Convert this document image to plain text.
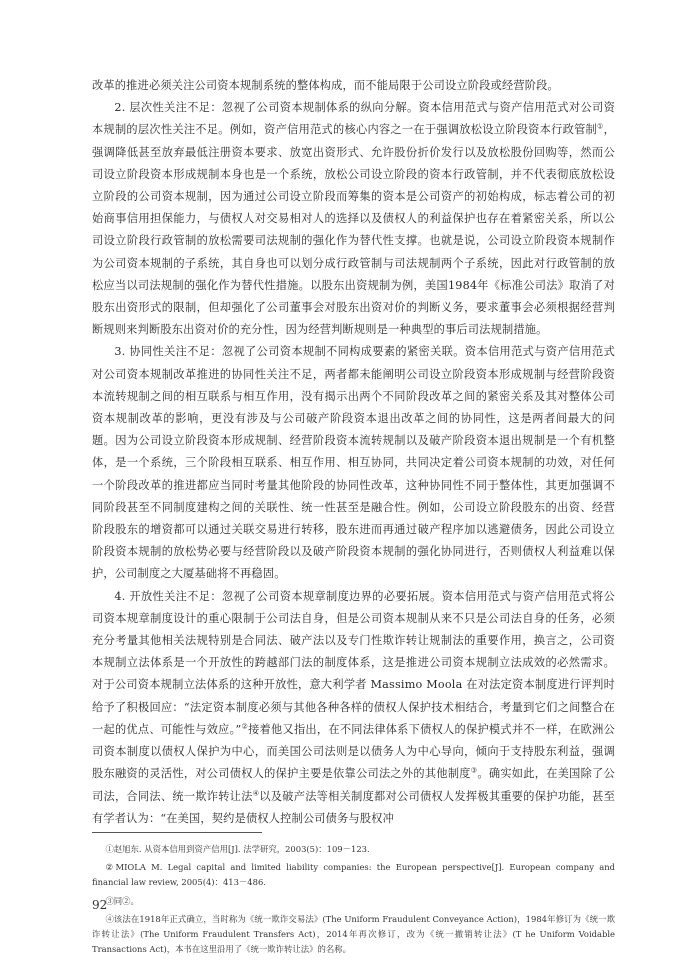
改革的推进必须关注公司资本规制系统的整体构成，而不能局限于公司设立阶段或经营阶段。

2. 层次性关注不足：忽视了公司资本规制体系的纵向分解。资本信用范式与资产信用范式对公司资本规制的层次性关注不足。例如，资产信用范式的核心内容之一在于强调放松设立阶段资本行政管制①，强调降低甚至放弃最低注册资本要求、放宽出资形式、允许股份折价发行以及放松股份回购等，然而公司设立阶段资本形成规制本身也是一个系统，放松公司设立阶段的资本行政管制，并不代表彻底放松设立阶段的公司资本规制，因为通过公司设立阶段而筹集的资本是公司资产的初始构成，标志着公司的初始商事信用担保能力，与债权人对交易相对人的选择以及债权人的利益保护也存在着紧密关系，所以公司设立阶段行政管制的放松需要司法规制的强化作为替代性支撑。也就是说，公司设立阶段资本规制作为公司资本规制的子系统，其自身也可以划分成行政管制与司法规制两个子系统，因此对行政管制的放松应当以司法规制的强化作为替代性措施。以股东出资规制为例，美国1984年《标准公司法》取消了对股东出资形式的限制，但却强化了公司董事会对股东出资对价的判断义务，要求董事会必须根据经营判断规则来判断股东出资对价的充分性，因为经营判断规则是一种典型的事后司法规制措施。

3. 协同性关注不足：忽视了公司资本规制不同构成要素的紧密关联。资本信用范式与资产信用范式对公司资本规制改革推进的协同性关注不足，两者都未能阐明公司设立阶段资本形成规制与经营阶段资本流转规制之间的相互联系与相互作用，没有揭示出两个不同阶段改革之间的紧密关系及其对整体公司资本规制改革的影响，更没有涉及与公司破产阶段资本退出改革之间的协同性，这是两者间最大的问题。因为公司设立阶段资本形成规制、经营阶段资本流转规制以及破产阶段资本退出规制是一个有机整体，是一个系统，三个阶段相互联系、相互作用、相互协同，共同决定着公司资本规制的功效，对任何一个阶段改革的推进都应当同时考量其他阶段的协同性改革，这种协同性不同于整体性，其更加强调不同阶段甚至不同制度建构之间的关联性、统一性甚至是融合性。例如，公司设立阶段股东的出资、经营阶段股东的增资都可以通过关联交易进行转移，股东进而再通过破产程序加以逃避债务，因此公司设立阶段资本规制的放松势必要与经营阶段以及破产阶段资本规制的强化协同进行，否则债权人利益难以保护，公司制度之大厦基础将不再稳固。

4. 开放性关注不足：忽视了公司资本规章制度边界的必要拓展。资本信用范式与资产信用范式将公司资本规章制度设计的重心限制于公司法自身，但是公司资本规制从来不只是公司法自身的任务，必须充分考量其他相关法规特别是合同法、破产法以及专门性欺诈转让规制法的重要作用，换言之，公司资本规制立法体系是一个开放性的跨越部门法的制度体系，这是推进公司资本规制立法成效的必然需求。对于公司资本规制立法体系的这种开放性，意大利学者 Massimo Moola 在对法定资本制度进行评判时给予了积极回应：“法定资本制度必须与其他各种各样的债权人保护技术相结合，考量到它们之间整合在一起的优点、可能性与效应。”②接着他又指出，在不同法律体系下债权人的保护模式并不一样，在欧洲公司资本制度以债权人保护为中心，而美国公司法则是以债务人为中心导向，倾向于支持股东利益，强调股东融资的灵活性，对公司债权人的保护主要是依靠公司法之外的其他制度③。确实如此，在美国除了公司法，合同法、统一欺诈转让法④以及破产法等相关制度都对公司债权人发挥极其重要的保护功能，甚至有学者认为：“在美国，契约是债权人控制公司债务与股权冲

①赵旭东. 从资本信用到资产信用[J]. 法学研究，2003(5)：109－123.

②MIOLA M. Legal capital and limited liability companies: the European perspective[J]. European company and financial law review, 2005(4)：413－486.

③同②。

④该法在1918年正式确立，当时称为《统一欺诈交易法》(The Uniform Fraudulent Conveyance Action)，1984年修订为《统一欺诈转让法》(The Uniform Fraudulent Transfers Act)，2014年再次修订，改为《统一撤销转让法》(T he Uniform Voidable Transactions Act)，本书在这里沿用了《统一欺诈转让法》的名称。

92
